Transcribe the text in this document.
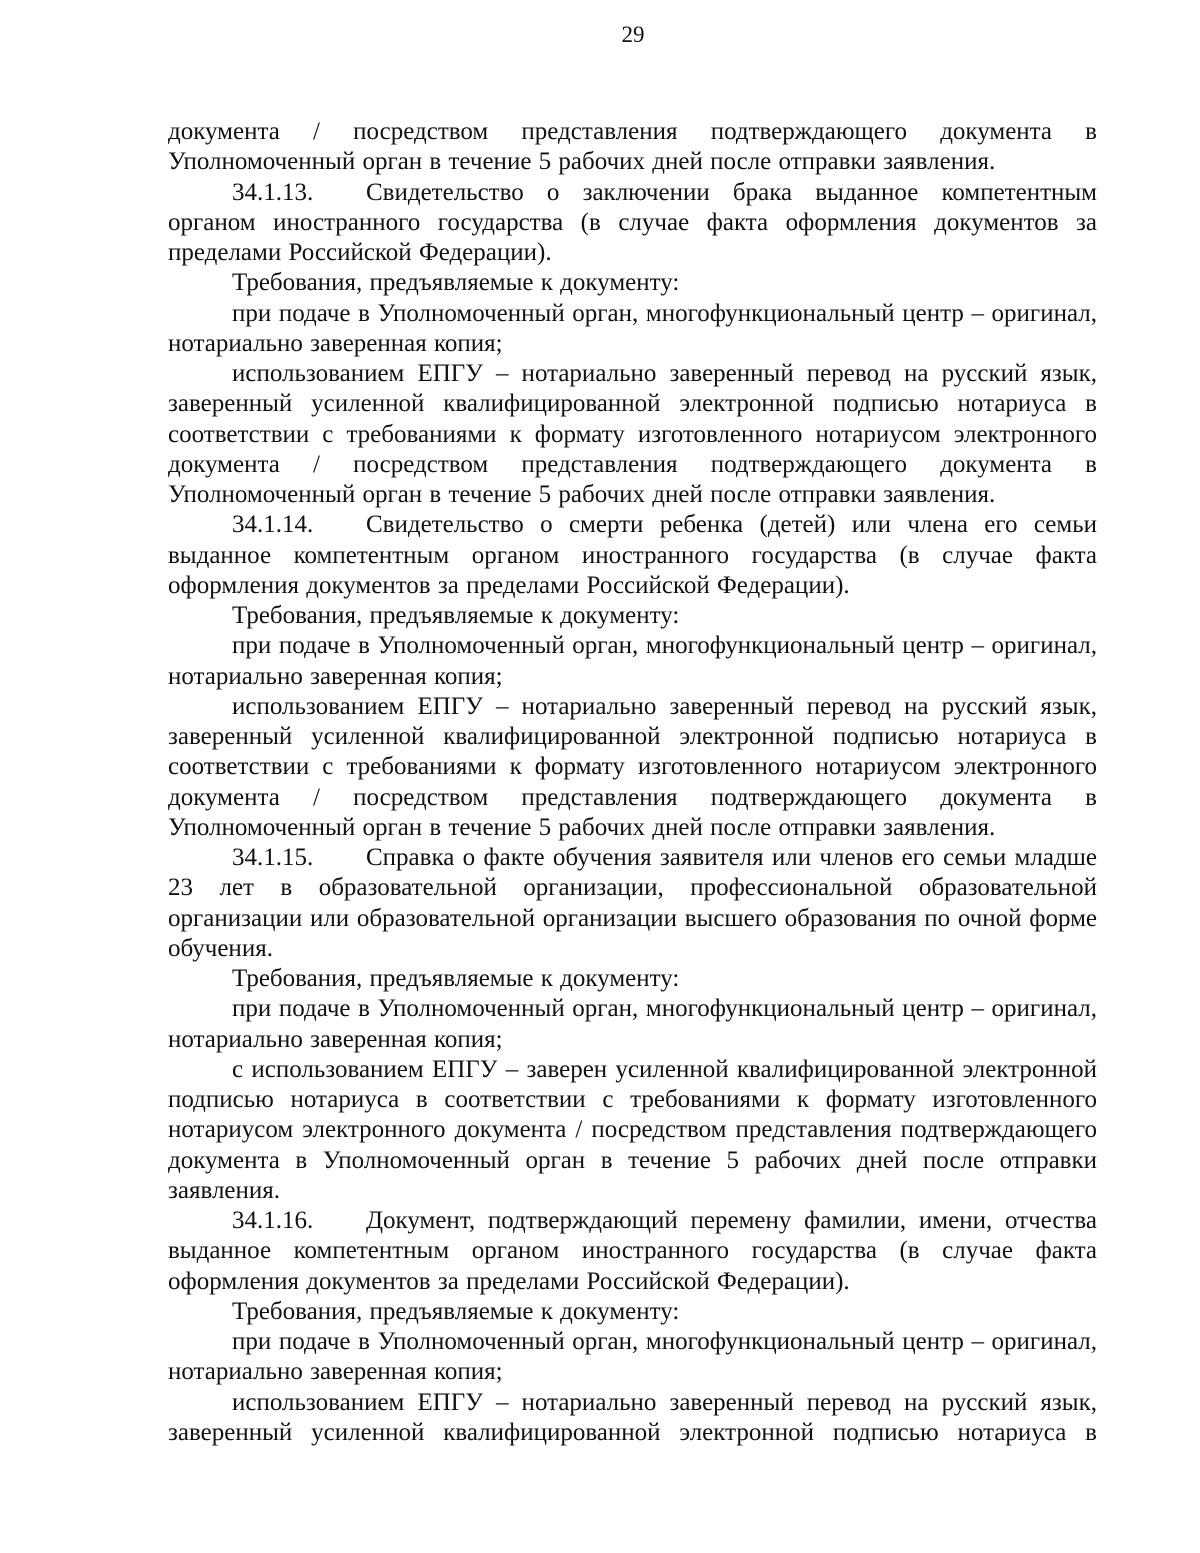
29
документа / посредством представления подтверждающего документа в Уполномоченный орган в течение 5 рабочих дней после отправки заявления.
34.1.13. Свидетельство о заключении брака выданное компетентным органом иностранного государства (в случае факта оформления документов за пределами Российской Федерации).
Требования, предъявляемые к документу:
при подаче в Уполномоченный орган, многофункциональный центр – оригинал, нотариально заверенная копия;
использованием ЕПГУ – нотариально заверенный перевод на русский язык, заверенный усиленной квалифицированной электронной подписью нотариуса в соответствии с требованиями к формату изготовленного нотариусом электронного документа / посредством представления подтверждающего документа в Уполномоченный орган в течение 5 рабочих дней после отправки заявления.
34.1.14. Свидетельство о смерти ребенка (детей) или члена его семьи выданное компетентным органом иностранного государства (в случае факта оформления документов за пределами Российской Федерации).
Требования, предъявляемые к документу:
при подаче в Уполномоченный орган, многофункциональный центр – оригинал, нотариально заверенная копия;
использованием ЕПГУ – нотариально заверенный перевод на русский язык, заверенный усиленной квалифицированной электронной подписью нотариуса в соответствии с требованиями к формату изготовленного нотариусом электронного документа / посредством представления подтверждающего документа в Уполномоченный орган в течение 5 рабочих дней после отправки заявления.
34.1.15. Справка о факте обучения заявителя или членов его семьи младше 23 лет в образовательной организации, профессиональной образовательной организации или образовательной организации высшего образования по очной форме обучения.
Требования, предъявляемые к документу:
при подаче в Уполномоченный орган, многофункциональный центр – оригинал, нотариально заверенная копия;
с использованием ЕПГУ – заверен усиленной квалифицированной электронной подписью нотариуса в соответствии с требованиями к формату изготовленного нотариусом электронного документа / посредством представления подтверждающего документа в Уполномоченный орган в течение 5 рабочих дней после отправки заявления.
34.1.16. Документ, подтверждающий перемену фамилии, имени, отчества выданное компетентным органом иностранного государства (в случае факта оформления документов за пределами Российской Федерации).
Требования, предъявляемые к документу:
при подаче в Уполномоченный орган, многофункциональный центр – оригинал, нотариально заверенная копия;
использованием ЕПГУ – нотариально заверенный перевод на русский язык, заверенный усиленной квалифицированной электронной подписью нотариуса в
